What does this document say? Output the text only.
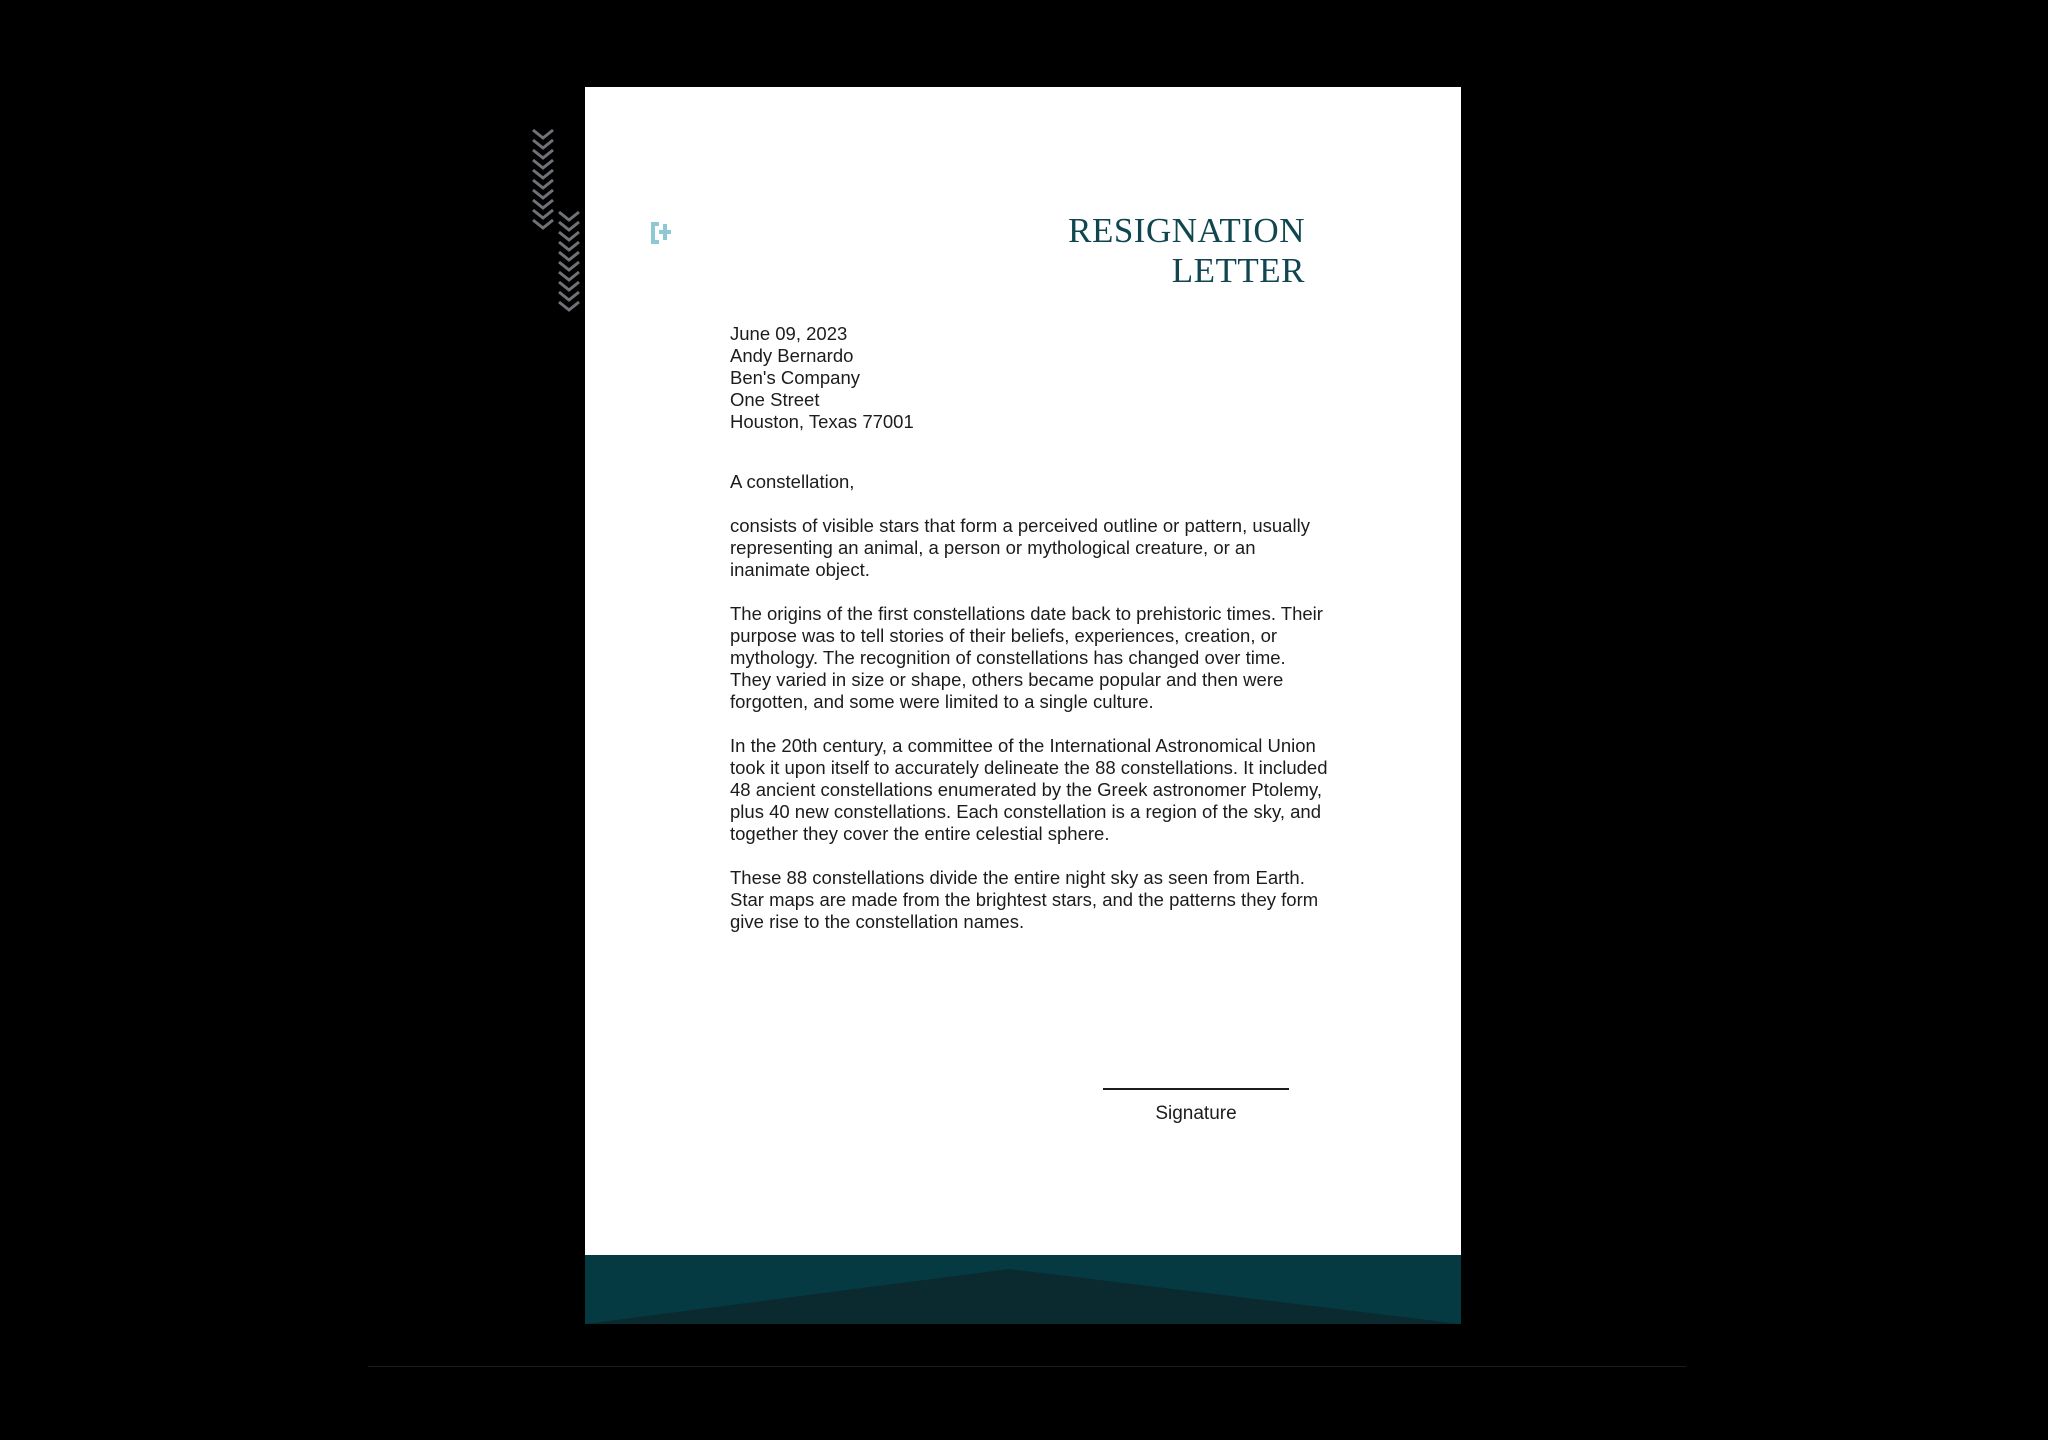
RESIGNATION
LETTER
June 09, 2023
Andy Bernardo
Ben's Company
One Street
Houston, Texas 77001
A constellation,
consists of visible stars that form a perceived outline or pattern, usually representing an animal, a person or mythological creature, or an inanimate object.
The origins of the first constellations date back to prehistoric times. Their purpose was to tell stories of their beliefs, experiences, creation, or mythology. The recognition of constellations has changed over time. They varied in size or shape, others became popular and then were forgotten, and some were limited to a single culture.
In the 20th century, a committee of the International Astronomical Union took it upon itself to accurately delineate the 88 constellations. It included 48 ancient constellations enumerated by the Greek astronomer Ptolemy, plus 40 new constellations. Each constellation is a region of the sky, and together they cover the entire celestial sphere.
These 88 constellations divide the entire night sky as seen from Earth. Star maps are made from the brightest stars, and the patterns they form give rise to the constellation names.
Signature
